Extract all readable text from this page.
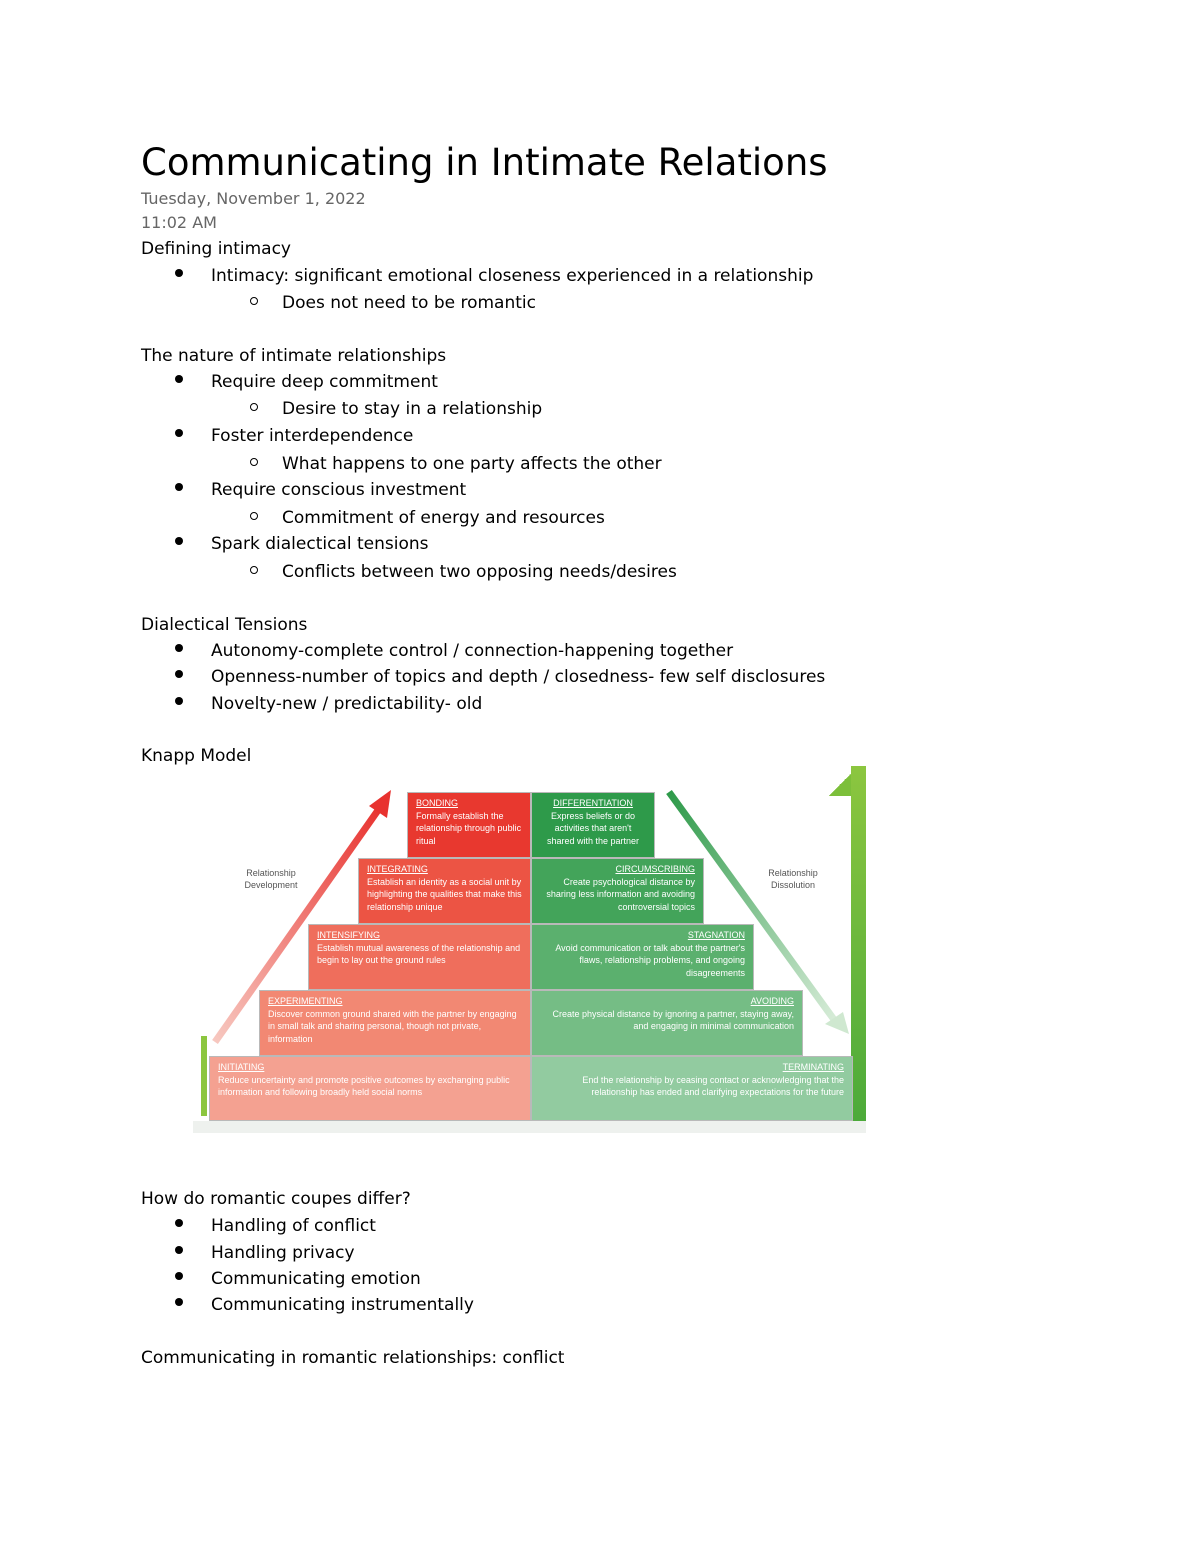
Communicating in Intimate Relations
Tuesday, November 1, 2022
11:02 AM
Defining intimacy
Intimacy: significant emotional closeness experienced in a relationship
Does not need to be romantic
The nature of intimate relationships
Require deep commitment
Desire to stay in a relationship
Foster interdependence
What happens to one party affects the other
Require conscious investment
Commitment of energy and resources
Spark dialectical tensions
Conflicts between two opposing needs/desires
Dialectical Tensions
Autonomy-complete control / connection-happening together
Openness-number of topics and depth / closedness- few self disclosures
Novelty-new / predictability- old
Knapp Model
Relationship Development
Relationship Dissolution
BONDING
Formally establish the relationship through public ritual
INTEGRATING
Establish an identity as a social unit by highlighting the qualities that make this relationship unique
INTENSIFYING
Establish mutual awareness of the relationship and begin to lay out the ground rules
EXPERIMENTING
Discover common ground shared with the partner by engaging in small talk and sharing personal, though not private, information
INITIATING
Reduce uncertainty and promote positive outcomes by exchanging public information and following broadly held social norms
DIFFERENTIATION
Express beliefs or do activities that aren't shared with the partner
CIRCUMSCRIBING
Create psychological distance by sharing less information and avoiding controversial topics
STAGNATION
Avoid communication or talk about the partner's flaws, relationship problems, and ongoing disagreements
AVOIDING
Create physical distance by ignoring a partner, staying away, and engaging in minimal communication
TERMINATING
End the relationship by ceasing contact or acknowledging that the relationship has ended and clarifying expectations for the future
How do romantic coupes differ?
Handling of conflict
Handling privacy
Communicating emotion
Communicating instrumentally
Communicating in romantic relationships: conflict
